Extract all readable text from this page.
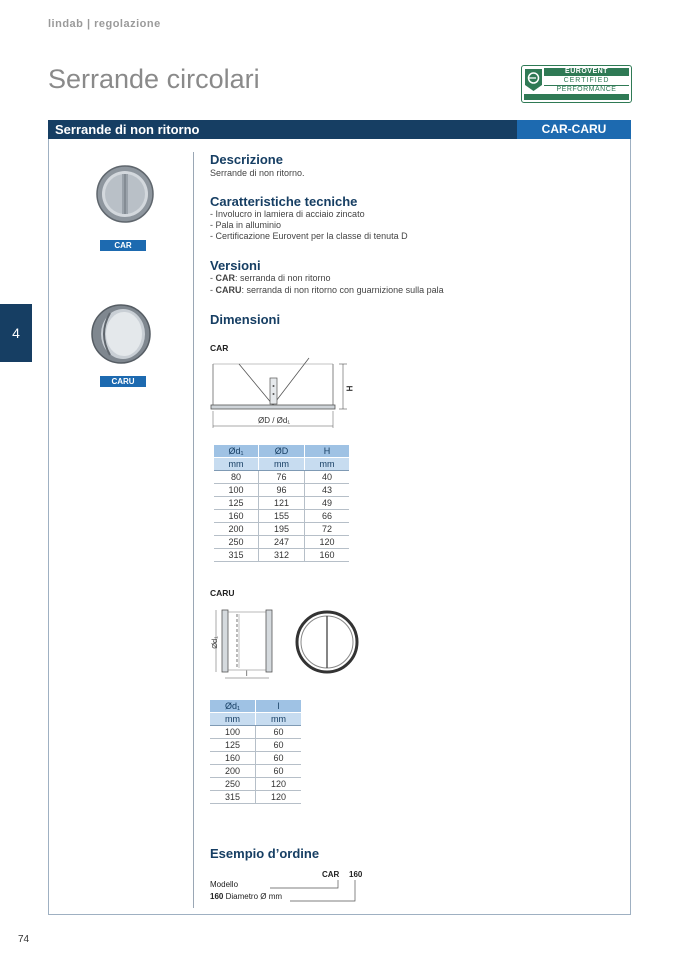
lindab | regolazione
Serrande circolari	EUROVENT
CERTIFIED
PERFORMANCE
Serrande di non ritorno	CAR-CARU
4
CAR
CARU
Descrizione
Serrande di non ritorno.
Caratteristiche tecniche
- Involucro in lamiera di acciaio zincato
- Pala in alluminio
- Certificazione Eurovent per la classe di tenuta D
Versioni
- CAR: serranda di non ritorno
- CARU: serranda di non ritorno con guarnizione sulla pala
Dimensioni
CAR
H
ØD / Ød₁
Ød₁	ØD	H
mm	mm	mm
80	76	40
100	96	43
125	121	49
160	155	66
200	195	72
250	247	120
315	312	160
CARU
Ød₁
l
Ød₁	l
mm	mm
100	60
125	60
160	60
200	60
250	120
315	120
Esempio d’ordine
CAR 160
Modello
160 Diametro Ø mm
74
